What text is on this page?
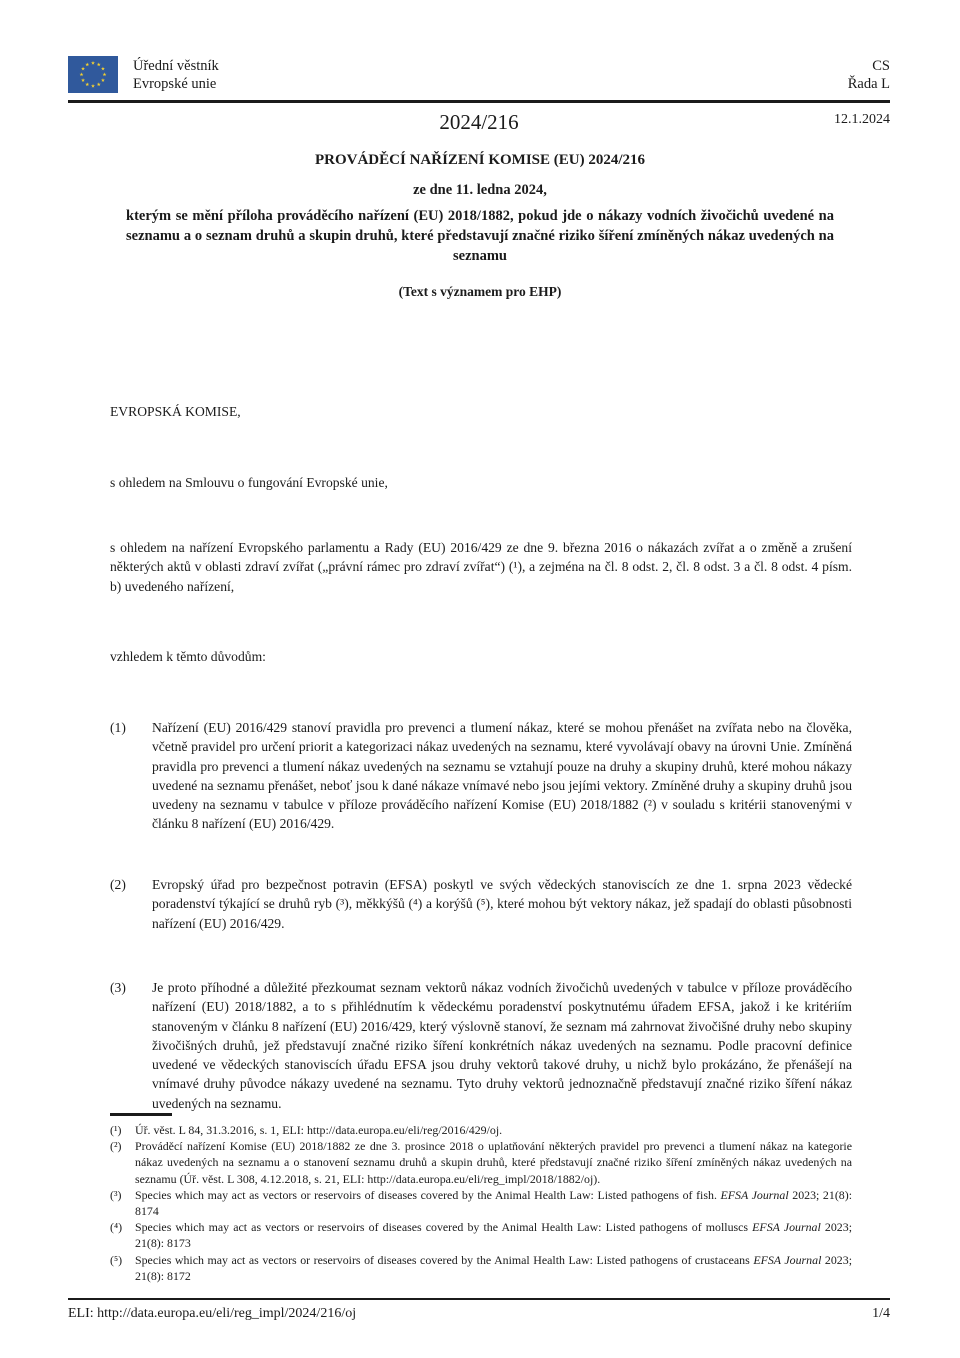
Úřední věstník
Evropské unie
CS
Řada L
2024/216	12.1.2024
PROVÁDĚCÍ NAŘÍZENÍ KOMISE (EU) 2024/216
ze dne 11. ledna 2024,
kterým se mění příloha prováděcího nařízení (EU) 2018/1882, pokud jde o nákazy vodních živočichů uvedené na seznamu a o seznam druhů a skupin druhů, které představují značné riziko šíření zmíněných nákaz uvedených na seznamu
(Text s významem pro EHP)
EVROPSKÁ KOMISE,
s ohledem na Smlouvu o fungování Evropské unie,
s ohledem na nařízení Evropského parlamentu a Rady (EU) 2016/429 ze dne 9. března 2016 o nákazách zvířat a o změně a zrušení některých aktů v oblasti zdraví zvířat („právní rámec pro zdraví zvířat“) (¹), a zejména na čl. 8 odst. 2, čl. 8 odst. 3 a čl. 8 odst. 4 písm. b) uvedeného nařízení,
vzhledem k těmto důvodům:
(1)	Nařízení (EU) 2016/429 stanoví pravidla pro prevenci a tlumení nákaz, které se mohou přenášet na zvířata nebo na člověka, včetně pravidel pro určení priorit a kategorizaci nákaz uvedených na seznamu, které vyvolávají obavy na úrovni Unie. Zmíněná pravidla pro prevenci a tlumení nákaz uvedených na seznamu se vztahují pouze na druhy a skupiny druhů, které mohou nákazy uvedené na seznamu přenášet, neboť jsou k dané nákaze vnímavé nebo jsou jejími vektory. Zmíněné druhy a skupiny druhů jsou uvedeny na seznamu v tabulce v příloze prováděcího nařízení Komise (EU) 2018/1882 (²) v souladu s kritérii stanovenými v článku 8 nařízení (EU) 2016/429.
(2)	Evropský úřad pro bezpečnost potravin (EFSA) poskytl ve svých vědeckých stanoviscích ze dne 1. srpna 2023 vědecké poradenství týkající se druhů ryb (³), měkkýšů (⁴) a korýšů (⁵), které mohou být vektory nákaz, jež spadají do oblasti působnosti nařízení (EU) 2016/429.
(3)	Je proto příhodné a důležité přezkoumat seznam vektorů nákaz vodních živočichů uvedených v tabulce v příloze prováděcího nařízení (EU) 2018/1882, a to s přihlédnutím k vědeckému poradenství poskytnutému úřadem EFSA, jakož i ke kritériím stanoveným v článku 8 nařízení (EU) 2016/429, který výslovně stanoví, že seznam má zahrnovat živočišné druhy nebo skupiny živočišných druhů, jež představují značné riziko šíření konkrétních nákaz uvedených na seznamu. Podle pracovní definice uvedené ve vědeckých stanoviscích úřadu EFSA jsou druhy vektorů takové druhy, u nichž bylo prokázáno, že přenášejí na vnímavé druhy původce nákazy uvedené na seznamu. Tyto druhy vektorů jednoznačně představují značné riziko šíření nákaz uvedených na seznamu.
(¹)	Úř. věst. L 84, 31.3.2016, s. 1, ELI: http://data.europa.eu/eli/reg/2016/429/oj.
(²)	Prováděcí nařízení Komise (EU) 2018/1882 ze dne 3. prosince 2018 o uplatňování některých pravidel pro prevenci a tlumení nákaz na kategorie nákaz uvedených na seznamu a o stanovení seznamu druhů a skupin druhů, které představují značné riziko šíření zmíněných nákaz uvedených na seznamu (Úř. věst. L 308, 4.12.2018, s. 21, ELI: http://data.europa.eu/eli/reg_impl/2018/1882/oj).
(³)	Species which may act as vectors or reservoirs of diseases covered by the Animal Health Law: Listed pathogens of fish. EFSA Journal 2023; 21(8): 8174
(⁴)	Species which may act as vectors or reservoirs of diseases covered by the Animal Health Law: Listed pathogens of molluscs EFSA Journal 2023; 21(8): 8173
(⁵)	Species which may act as vectors or reservoirs of diseases covered by the Animal Health Law: Listed pathogens of crustaceans EFSA Journal 2023; 21(8): 8172
ELI: http://data.europa.eu/eli/reg_impl/2024/216/oj	1/4
